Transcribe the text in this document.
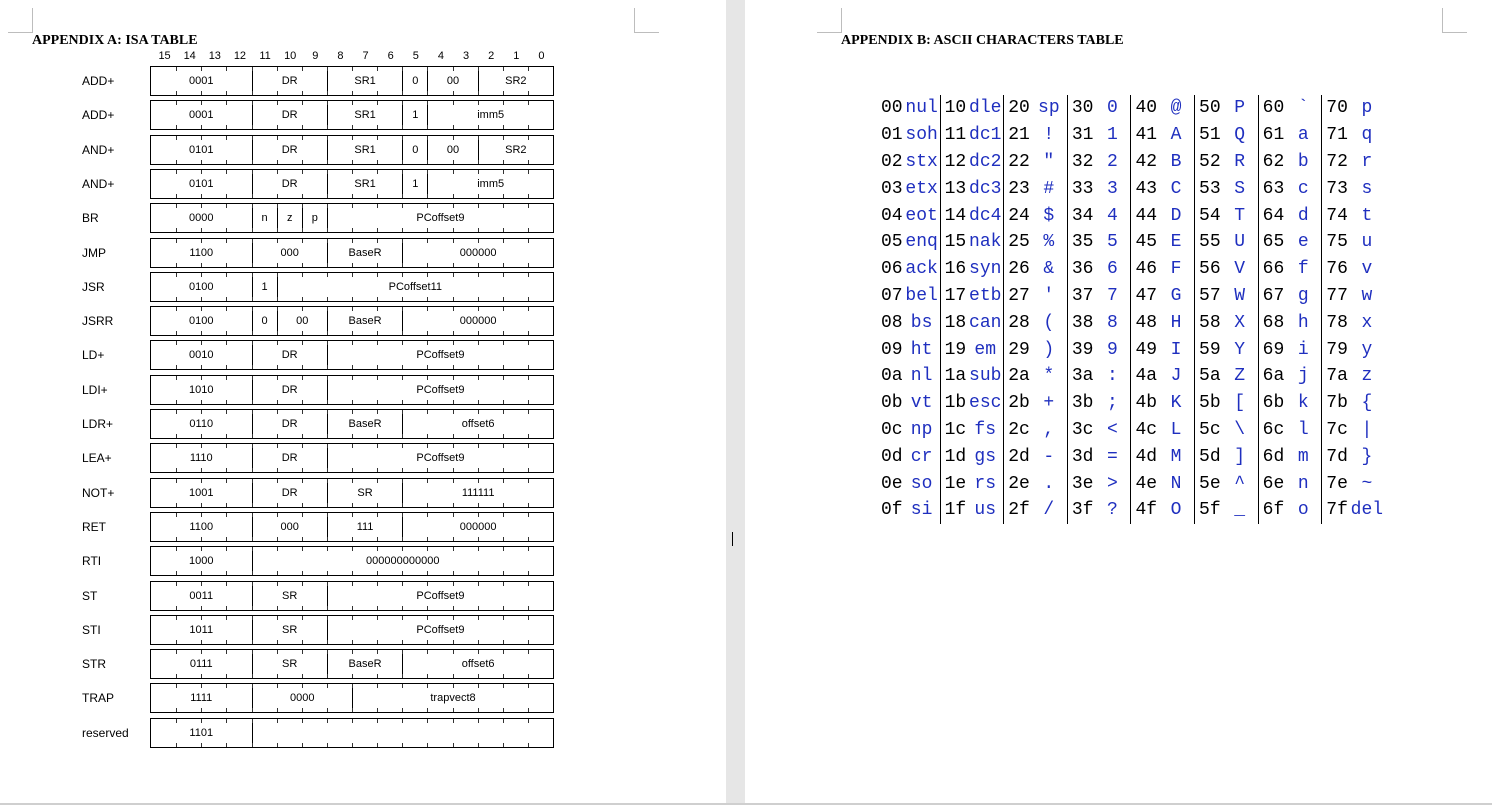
APPENDIX A: ISA TABLE
15 14 13 12 11 10 9 8 7 6 5 4 3 2 1 0
ADD+	0001	DR	SR1	0	00	SR2
ADD+	0001	DR	SR1	1	imm5
AND+	0101	DR	SR1	0	00	SR2
AND+	0101	DR	SR1	1	imm5
BR	0000	n	z	p	PCoffset9
JMP	1100	000	BaseR	000000
JSR	0100	1	PCoffset11
JSRR	0100	0	00	BaseR	000000
LD+	0010	DR	PCoffset9
LDI+	1010	DR	PCoffset9
LDR+	0110	DR	BaseR	offset6
LEA+	1110	DR	PCoffset9
NOT+	1001	DR	SR	111111
RET	1100	000	111	000000
RTI	1000	000000000000
ST	0011	SR	PCoffset9
STI	1011	SR	PCoffset9
STR	0111	SR	BaseR	offset6
TRAP	1111	0000	trapvect8
reserved	1101
APPENDIX B: ASCII CHARACTERS TABLE
00	nul	10	dle	20	sp	30	0	40	@	50	P	60	`	70	p
01	soh	11	dc1	21	!	31	1	41	A	51	Q	61	a	71	q
02	stx	12	dc2	22	"	32	2	42	B	52	R	62	b	72	r
03	etx	13	dc3	23	#	33	3	43	C	53	S	63	c	73	s
04	eot	14	dc4	24	$	34	4	44	D	54	T	64	d	74	t
05	enq	15	nak	25	%	35	5	45	E	55	U	65	e	75	u
06	ack	16	syn	26	&	36	6	46	F	56	V	66	f	76	v
07	bel	17	etb	27	'	37	7	47	G	57	W	67	g	77	w
08	bs	18	can	28	(	38	8	48	H	58	X	68	h	78	x
09	ht	19	em	29	)	39	9	49	I	59	Y	69	i	79	y
0a	nl	1a	sub	2a	*	3a	:	4a	J	5a	Z	6a	j	7a	z
0b	vt	1b	esc	2b	+	3b	;	4b	K	5b	[	6b	k	7b	{
0c	np	1c	fs	2c	,	3c	<	4c	L	5c	\	6c	l	7c	|
0d	cr	1d	gs	2d	-	3d	=	4d	M	5d	]	6d	m	7d	}
0e	so	1e	rs	2e	.	3e	>	4e	N	5e	^	6e	n	7e	~
0f	si	1f	us	2f	/	3f	?	4f	O	5f	_	6f	o	7f	del
